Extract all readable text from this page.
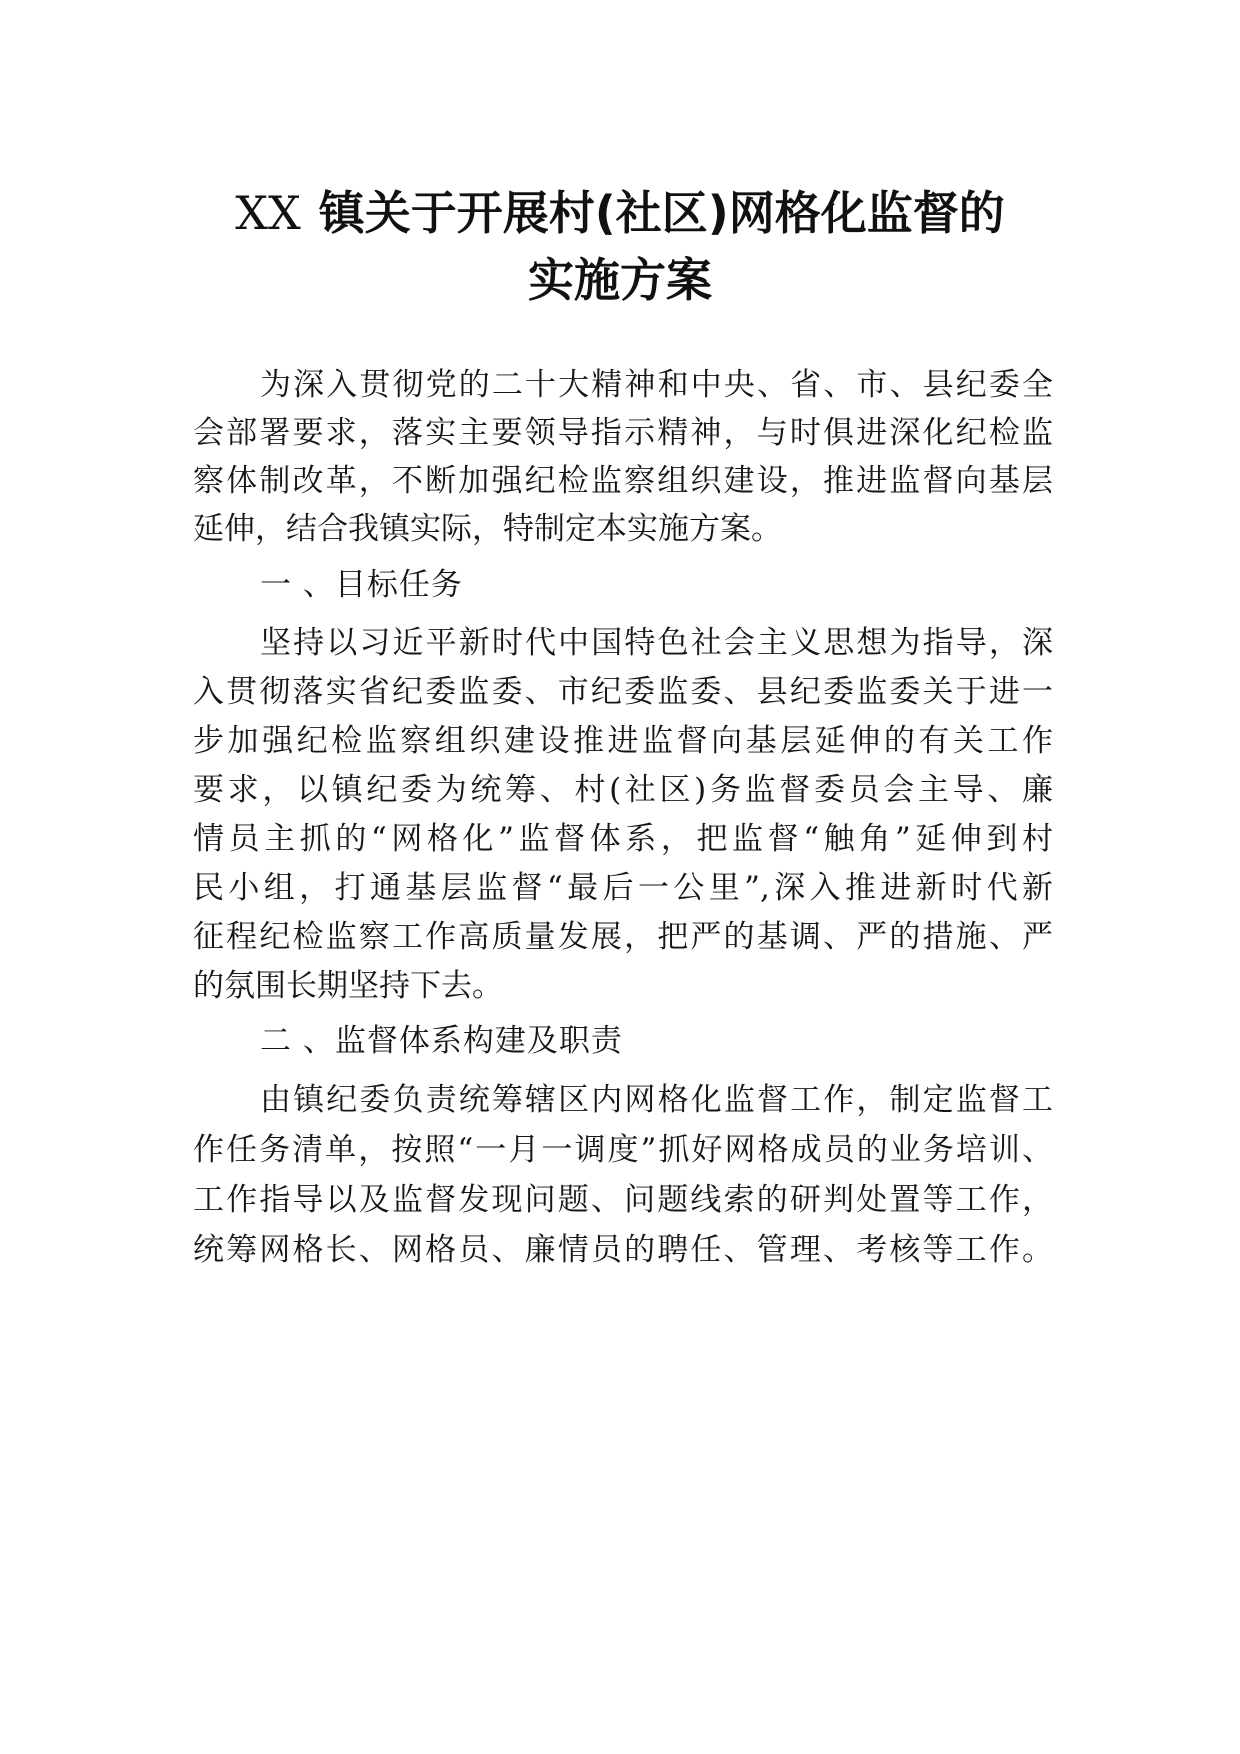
XX 镇关于开展村(社区)网格化监督的
实施方案

为深入贯彻党的二十大精神和中央、省、市、县纪委全

会部署要求，落实主要领导指示精神，与时俱进深化纪检监

察体制改革，不断加强纪检监察组织建设，推进监督向基层

延伸，结合我镇实际，特制定本实施方案。

一 、目标任务

坚持以习近平新时代中国特色社会主义思想为指导，深

入贯彻落实省纪委监委、市纪委监委、县纪委监委关于进一

步加强纪检监察组织建设推进监督向基层延伸的有关工作

要求，以镇纪委为统筹、村(社区)务监督委员会主导、廉

情员主抓的“网格化”监督体系，把监督“触角”延伸到村

民小组，打通基层监督“最后一公里”,深入推进新时代新

征程纪检监察工作高质量发展，把严的基调、严的措施、严

的氛围长期坚持下去。

二 、监督体系构建及职责

由镇纪委负责统筹辖区内网格化监督工作，制定监督工

作任务清单，按照“一月一调度”抓好网格成员的业务培训、

工作指导以及监督发现问题、问题线索的研判处置等工作，

统筹网格长、网格员、廉情员的聘任、管理、考核等工作。
